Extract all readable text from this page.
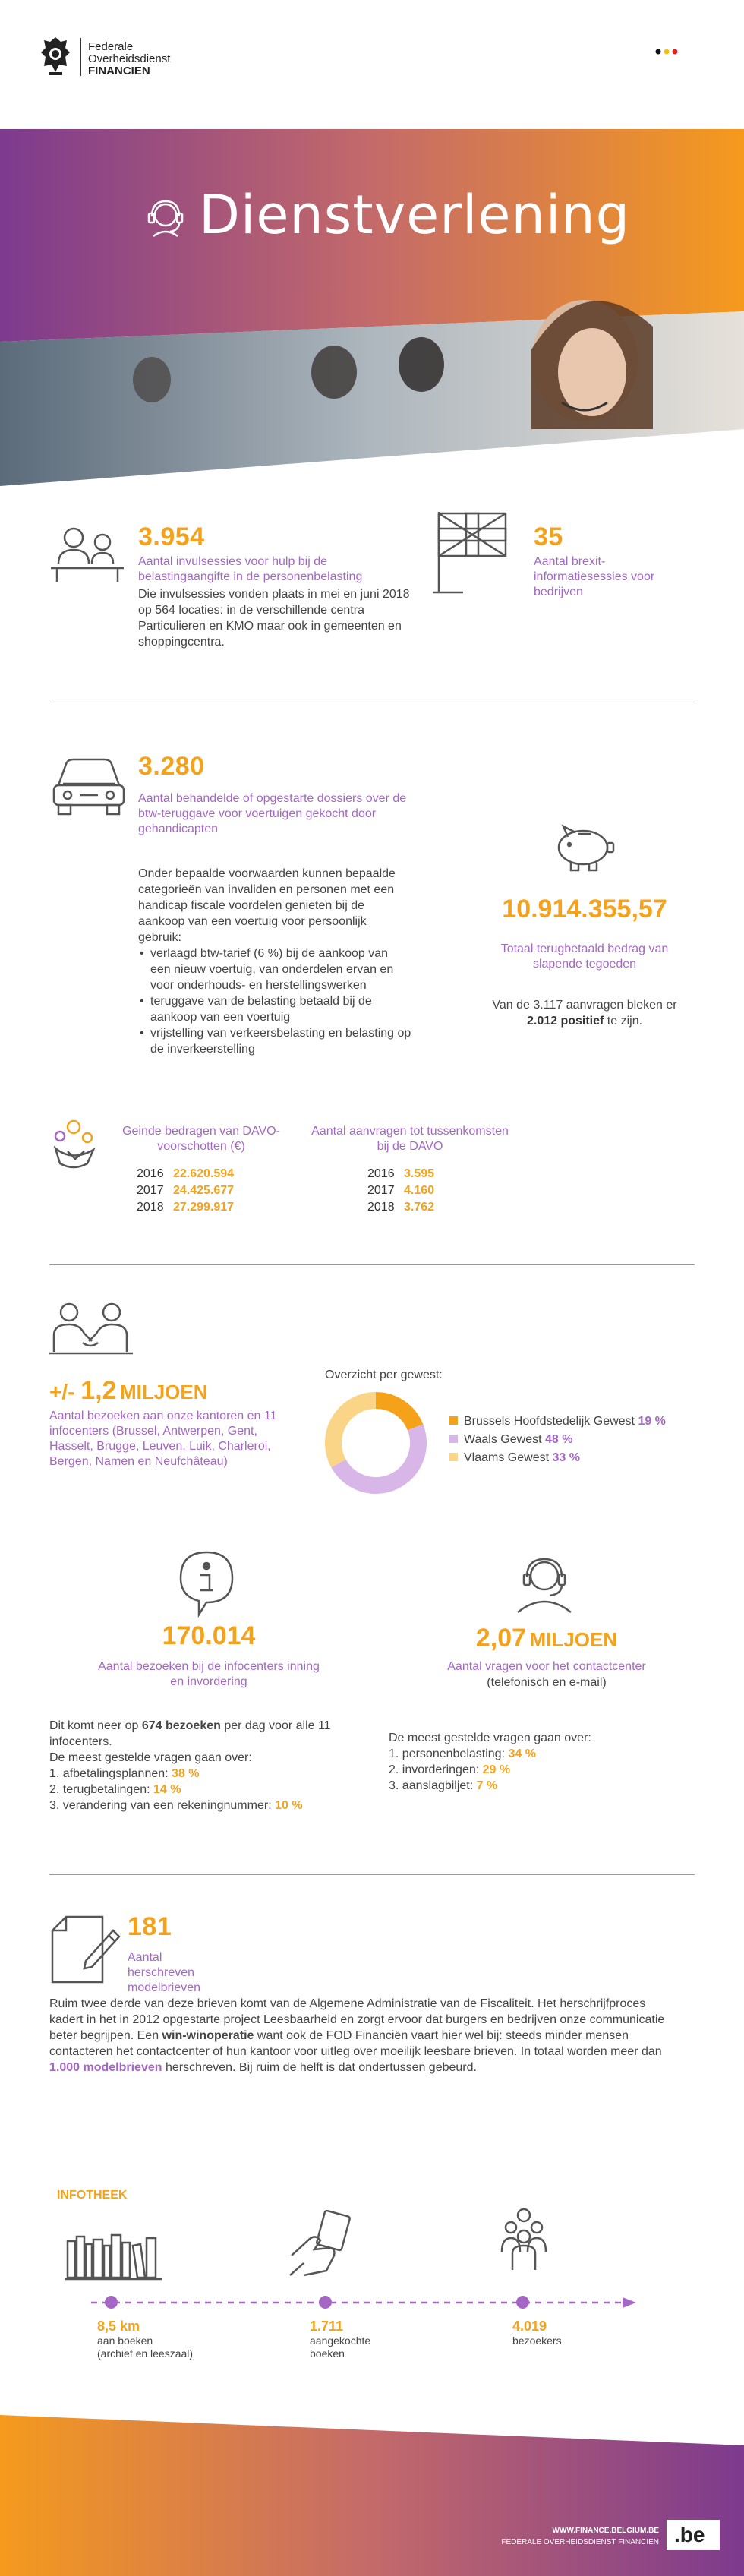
Federale
Overheidsdienst
FINANCIEN
Dienstverlening
3.954
Aantal invulsessies voor hulp bij de belastingaangifte in de personenbelasting
Die invulsessies vonden plaats in mei en juni 2018 op 564 locaties: in de verschillende centra Particulieren en KMO maar ook in gemeenten en shoppingcentra.
35
Aantal brexit-informatiesessies voor bedrijven
3.280
Aantal behandelde of opgestarte dossiers over de btw-teruggave voor voertuigen gekocht door gehandicapten
Onder bepaalde voorwaarden kunnen bepaalde categorieën van invaliden en personen met een handicap fiscale voordelen genieten bij de aankoop van een voertuig voor persoonlijk gebruik:
• verlaagd btw-tarief (6 %) bij de aankoop van een nieuw voertuig, van onderdelen ervan en voor onderhouds- en herstellingswerken
• teruggave van de belasting betaald bij de aankoop van een voertuig
• vrijstelling van verkeersbelasting en belasting op de inverkeerstelling
10.914.355,57
Totaal terugbetaald bedrag van slapende tegoeden
Van de 3.117 aanvragen bleken er 2.012 positief te zijn.
Geinde bedragen van DAVO-voorschotten (€)
2016 22.620.594
2017 24.425.677
2018 27.299.917
Aantal aanvragen tot tussenkomsten bij de DAVO
2016 3.595
2017 4.160
2018 3.762
+/- 1,2 MILJOEN
Aantal bezoeken aan onze kantoren en 11 infocenters (Brussel, Antwerpen, Gent, Hasselt, Brugge, Leuven, Luik, Charleroi, Bergen, Namen en Neufchâteau)
Overzicht per gewest:
Brussels Hoofdstedelijk Gewest 19 %
Waals Gewest 48 %
Vlaams Gewest 33 %
170.014
Aantal bezoeken bij de infocenters inning en invordering
Dit komt neer op 674 bezoeken per dag voor alle 11 infocenters.
De meest gestelde vragen gaan over:
1. afbetalingsplannen: 38 %
2. terugbetalingen: 14 %
3. verandering van een rekeningnummer: 10 %
2,07 MILJOEN
Aantal vragen voor het contactcenter
(telefonisch en e-mail)
De meest gestelde vragen gaan over:
1. personenbelasting: 34 %
2. invorderingen: 29 %
3. aanslagbiljet: 7 %
181
Aantal herschreven modelbrieven
Ruim twee derde van deze brieven komt van de Algemene Administratie van de Fiscaliteit. Het herschrijfproces kadert in het in 2012 opgestarte project Leesbaarheid en zorgt ervoor dat burgers en bedrijven onze communicatie beter begrijpen. Een win-winoperatie want ook de FOD Financiën vaart hier wel bij: steeds minder mensen contacteren het contactcenter of hun kantoor voor uitleg over moeilijk leesbare brieven. In totaal worden meer dan 1.000 modelbrieven herschreven. Bij ruim de helft is dat ondertussen gebeurd.
INFOTHEEK
8,5 km
aan boeken
(archief en leeszaal)
1.711
aangekochte
boeken
4.019
bezoekers
WWW.FINANCE.BELGIUM.BE
FEDERALE OVERHEIDSDIENST FINANCIEN .be
